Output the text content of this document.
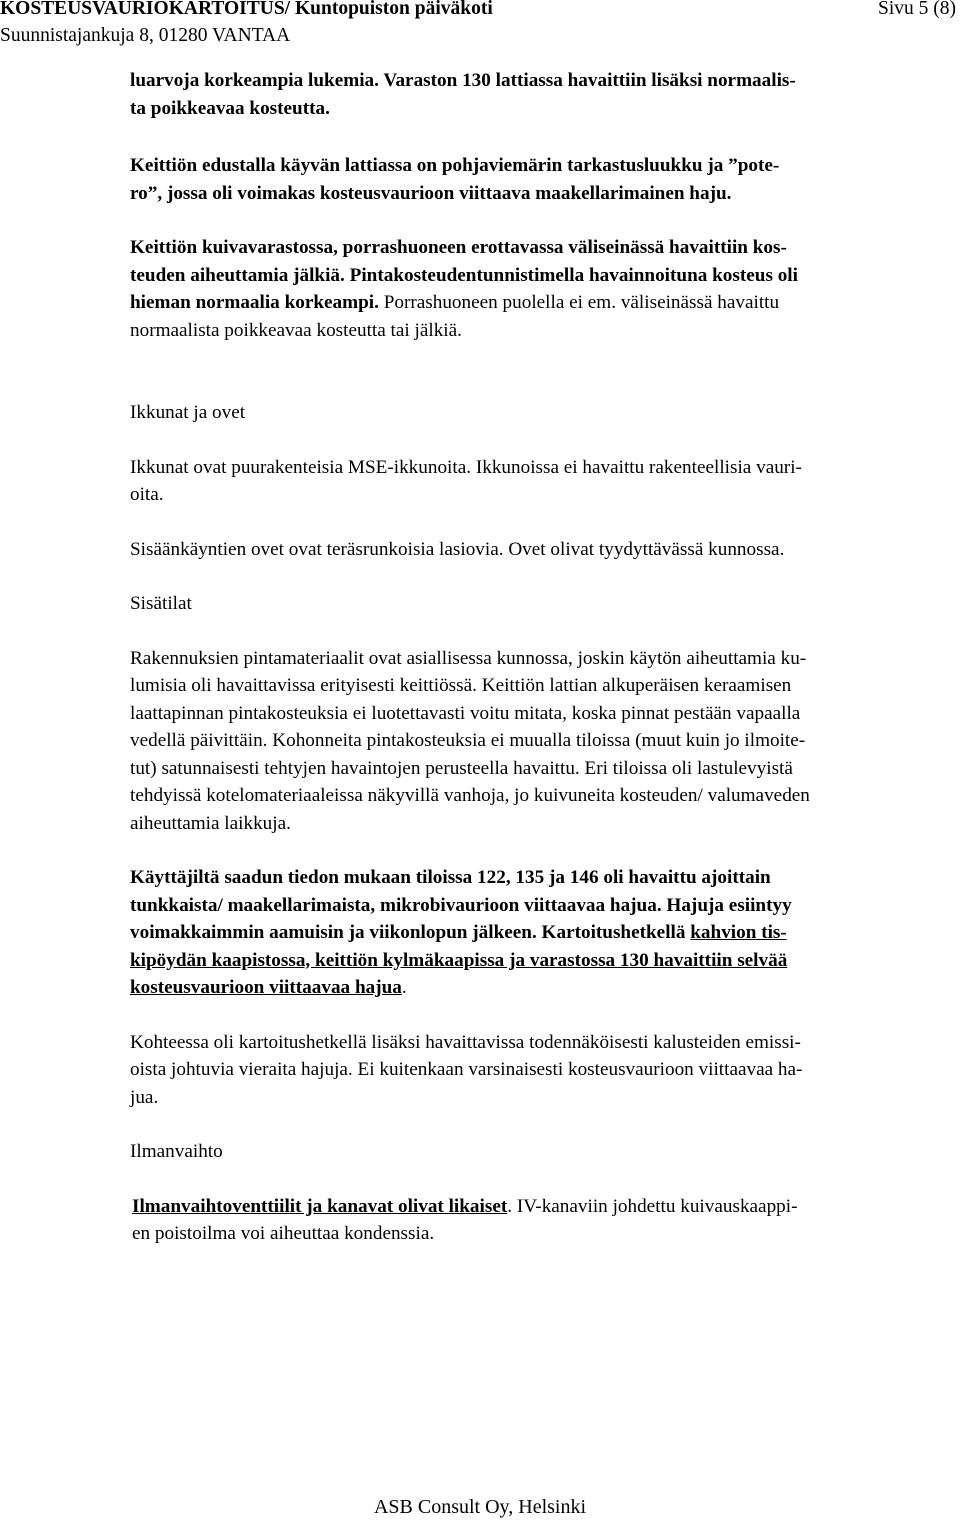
KOSTEUSVAURIOKARTOITUS/ Kuntopuiston päiväkoti	Sivu 5 (8)
Suunnistajankuja 8, 01280 VANTAA

luarvoja korkeampia lukemia. Varaston 130 lattiassa havaittiin lisäksi normaalis-

ta poikkeavaa kosteutta.

Keittiön edustalla käyvän lattiassa on pohjaviemärin tarkastusluukku ja ”pote-

ro”, jossa oli voimakas kosteusvaurioon viittaava maakellarimainen haju.

Keittiön kuivavarastossa, porrashuoneen erottavassa väliseinässä havaittiin kos-

teuden aiheuttamia jälkiä. Pintakosteudentunnistimella havainnoituna kosteus oli

hieman normaalia korkeampi. Porrashuoneen puolella ei em. väliseinässä havaittu

normaalista poikkeavaa kosteutta tai jälkiä.

Ikkunat ja ovet

Ikkunat ovat puurakenteisia MSE-ikkunoita. Ikkunoissa ei havaittu rakenteellisia vauri-

oita.

Sisäänkäyntien ovet ovat teräsrunkoisia lasiovia. Ovet olivat tyydyttävässä kunnossa.

Sisätilat

Rakennuksien pintamateriaalit ovat asiallisessa kunnossa, joskin käytön aiheuttamia ku-

lumisia oli havaittavissa erityisesti keittiössä. Keittiön lattian alkuperäisen keraamisen

laattapinnan pintakosteuksia ei luotettavasti voitu mitata, koska pinnat pestään vapaalla

vedellä päivittäin. Kohonneita pintakosteuksia ei muualla tiloissa (muut kuin jo ilmoite-

tut) satunnaisesti tehtyjen havaintojen perusteella havaittu. Eri tiloissa oli lastulevyistä

tehdyissä kotelomateriaaleissa näkyvillä vanhoja, jo kuivuneita kosteuden/ valumaveden

aiheuttamia laikkuja.

Käyttäjiltä saadun tiedon mukaan tiloissa 122, 135 ja 146 oli havaittu ajoittain

tunkkaista/ maakellarimaista, mikrobivaurioon viittaavaa hajua. Hajuja esiintyy

voimakkaimmin aamuisin ja viikonlopun jälkeen. Kartoitushetkellä kahvion tis-

kipöydän kaapistossa, keittiön kylmäkaapissa ja varastossa 130 havaittiin selvää

kosteusvaurioon viittaavaa hajua.

Kohteessa oli kartoitushetkellä lisäksi havaittavissa todennäköisesti kalusteiden emissi-

oista johtuvia vieraita hajuja. Ei kuitenkaan varsinaisesti kosteusvaurioon viittaavaa ha-

jua.

Ilmanvaihto

Ilmanvaihtoventtiilit ja kanavat olivat likaiset. IV-kanaviin johdettu kuivauskaappi-

en poistoilma voi aiheuttaa kondenssia.

ASB Consult Oy, Helsinki
